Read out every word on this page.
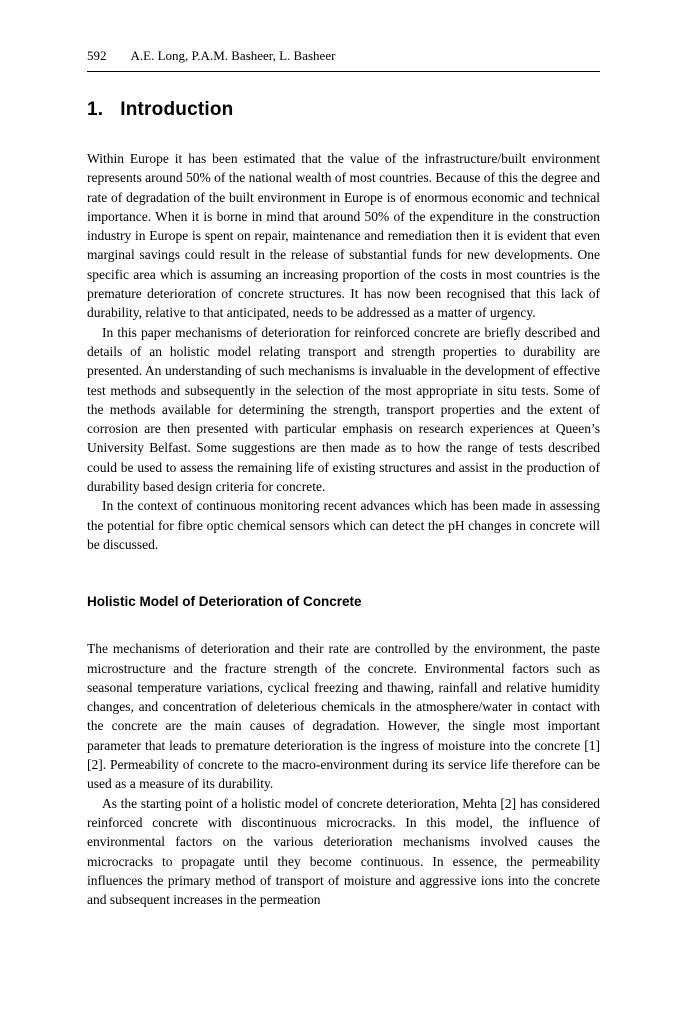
592 A.E. Long, P.A.M. Basheer, L. Basheer
1. Introduction

Within Europe it has been estimated that the value of the infrastructure/built environment represents around 50% of the national wealth of most countries. Because of this the degree and rate of degradation of the built environment in Europe is of enormous economic and technical importance. When it is borne in mind that around 50% of the expenditure in the construction industry in Europe is spent on repair, maintenance and remediation then it is evident that even marginal savings could result in the release of substantial funds for new developments. One specific area which is assuming an increasing proportion of the costs in most countries is the premature deterioration of concrete structures. It has now been recognised that this lack of durability, relative to that anticipated, needs to be addressed as a matter of urgency.

In this paper mechanisms of deterioration for reinforced concrete are briefly described and details of an holistic model relating transport and strength properties to durability are presented. An understanding of such mechanisms is invaluable in the development of effective test methods and subsequently in the selection of the most appropriate in situ tests. Some of the methods available for determining the strength, transport properties and the extent of corrosion are then presented with particular emphasis on research experiences at Queen’s University Belfast. Some suggestions are then made as to how the range of tests described could be used to assess the remaining life of existing structures and assist in the production of durability based design criteria for concrete.

In the context of continuous monitoring recent advances which has been made in assessing the potential for fibre optic chemical sensors which can detect the pH changes in concrete will be discussed.

Holistic Model of Deterioration of Concrete

The mechanisms of deterioration and their rate are controlled by the environment, the paste microstructure and the fracture strength of the concrete. Environmental factors such as seasonal temperature variations, cyclical freezing and thawing, rainfall and relative humidity changes, and concentration of deleterious chemicals in the atmosphere/water in contact with the concrete are the main causes of degradation. However, the single most important parameter that leads to premature deterioration is the ingress of moisture into the concrete [1][2]. Permeability of concrete to the macro-environment during its service life therefore can be used as a measure of its durability.

As the starting point of a holistic model of concrete deterioration, Mehta [2] has considered reinforced concrete with discontinuous microcracks. In this model, the influence of environmental factors on the various deterioration mechanisms involved causes the microcracks to propagate until they become continuous. In essence, the permeability influences the primary method of transport of moisture and aggressive ions into the concrete and subsequent increases in the permeation
